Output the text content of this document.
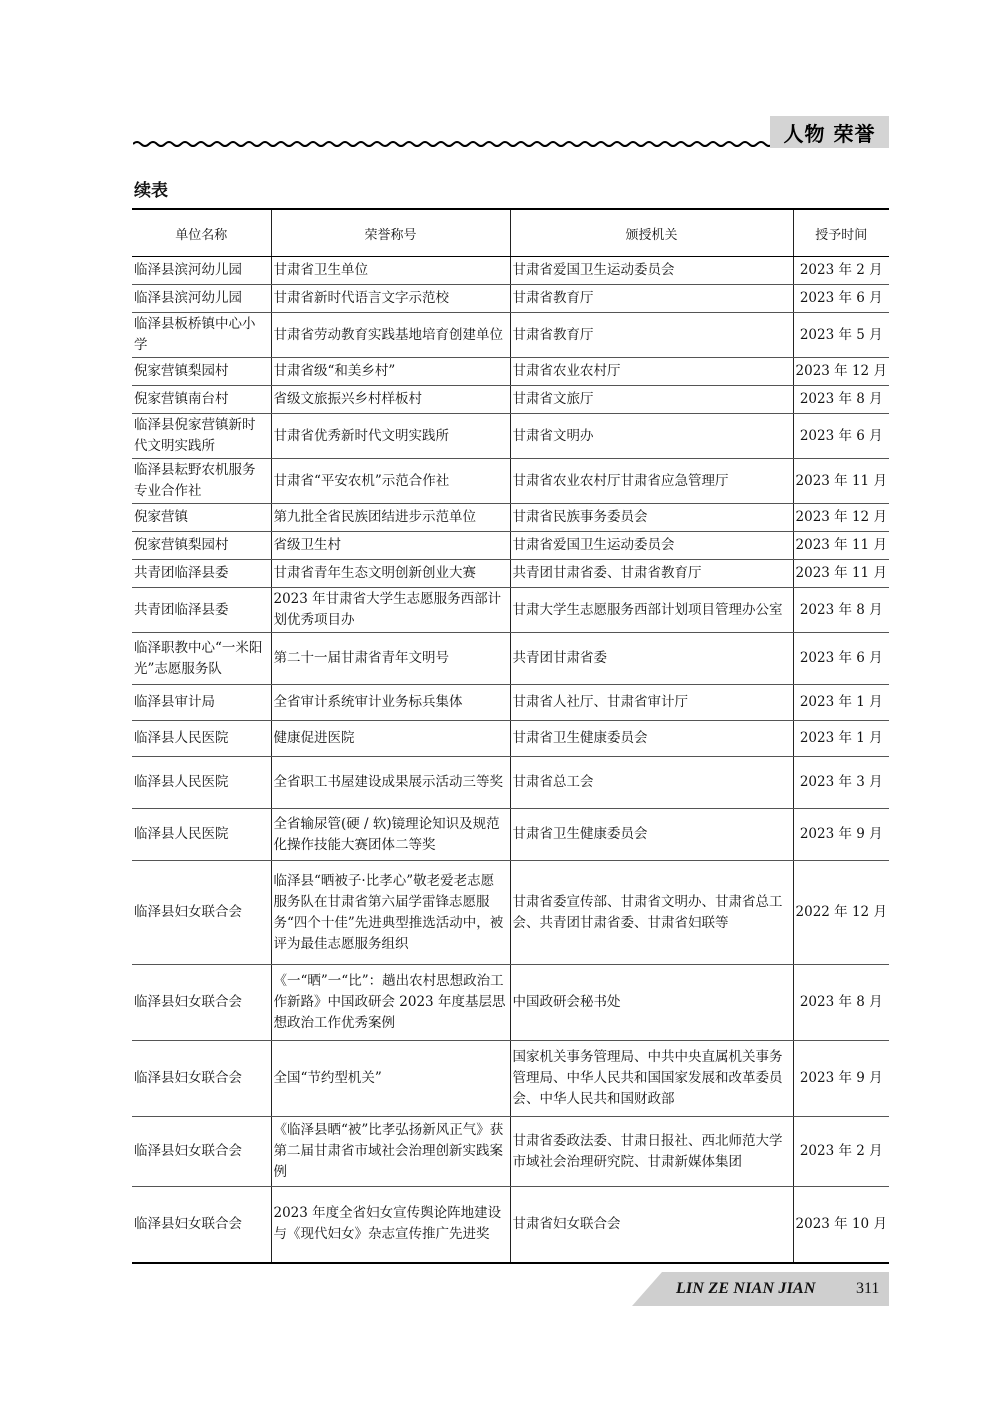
人物 荣誉
续表
单位名称	荣誉称号	颁授机关	授予时间
临泽县滨河幼儿园	甘肃省卫生单位	甘肃省爱国卫生运动委员会	2023 年 2 月
临泽县滨河幼儿园	甘肃省新时代语言文字示范校	甘肃省教育厅	2023 年 6 月
临泽县板桥镇中心小学	甘肃省劳动教育实践基地培育创建单位	甘肃省教育厅	2023 年 5 月
倪家营镇梨园村	甘肃省级“和美乡村”	甘肃省农业农村厅	2023 年 12 月
倪家营镇南台村	省级文旅振兴乡村样板村	甘肃省文旅厅	2023 年 8 月
临泽县倪家营镇新时代文明实践所	甘肃省优秀新时代文明实践所	甘肃省文明办	2023 年 6 月
临泽县耘野农机服务专业合作社	甘肃省“平安农机”示范合作社	甘肃省农业农村厅甘肃省应急管理厅	2023 年 11 月
倪家营镇	第九批全省民族团结进步示范单位	甘肃省民族事务委员会	2023 年 12 月
倪家营镇梨园村	省级卫生村	甘肃省爱国卫生运动委员会	2023 年 11 月
共青团临泽县委	甘肃省青年生态文明创新创业大赛	共青团甘肃省委、甘肃省教育厅	2023 年 11 月
共青团临泽县委	2023 年甘肃省大学生志愿服务西部计划优秀项目办	甘肃大学生志愿服务西部计划项目管理办公室	2023 年 8 月
临泽职教中心“一米阳光”志愿服务队	第二十一届甘肃省青年文明号	共青团甘肃省委	2023 年 6 月
临泽县审计局	全省审计系统审计业务标兵集体	甘肃省人社厅、甘肃省审计厅	2023 年 1 月
临泽县人民医院	健康促进医院	甘肃省卫生健康委员会	2023 年 1 月
临泽县人民医院	全省职工书屋建设成果展示活动三等奖	甘肃省总工会	2023 年 3 月
临泽县人民医院	全省输尿管(硬 / 软)镜理论知识及规范化操作技能大赛团体二等奖	甘肃省卫生健康委员会	2023 年 9 月
临泽县妇女联合会	临泽县“晒被子·比孝心”敬老爱老志愿服务队在甘肃省第六届学雷锋志愿服务“四个十佳”先进典型推选活动中，被评为最佳志愿服务组织	甘肃省委宣传部、甘肃省文明办、甘肃省总工会、共青团甘肃省委、甘肃省妇联等	2022 年 12 月
临泽县妇女联合会	《一“晒”一“比”：趟出农村思想政治工作新路》中国政研会 2023 年度基层思想政治工作优秀案例	中国政研会秘书处	2023 年 8 月
临泽县妇女联合会	全国“节约型机关”	国家机关事务管理局、中共中央直属机关事务管理局、中华人民共和国国家发展和改革委员会、中华人民共和国财政部	2023 年 9 月
临泽县妇女联合会	《临泽县晒“被”比孝弘扬新风正气》获第二届甘肃省市域社会治理创新实践案例	甘肃省委政法委、甘肃日报社、西北师范大学市域社会治理研究院、甘肃新媒体集团	2023 年 2 月
临泽县妇女联合会	2023 年度全省妇女宣传舆论阵地建设与《现代妇女》杂志宣传推广先进奖	甘肃省妇女联合会	2023 年 10 月
LIN ZE NIAN JIAN	311
